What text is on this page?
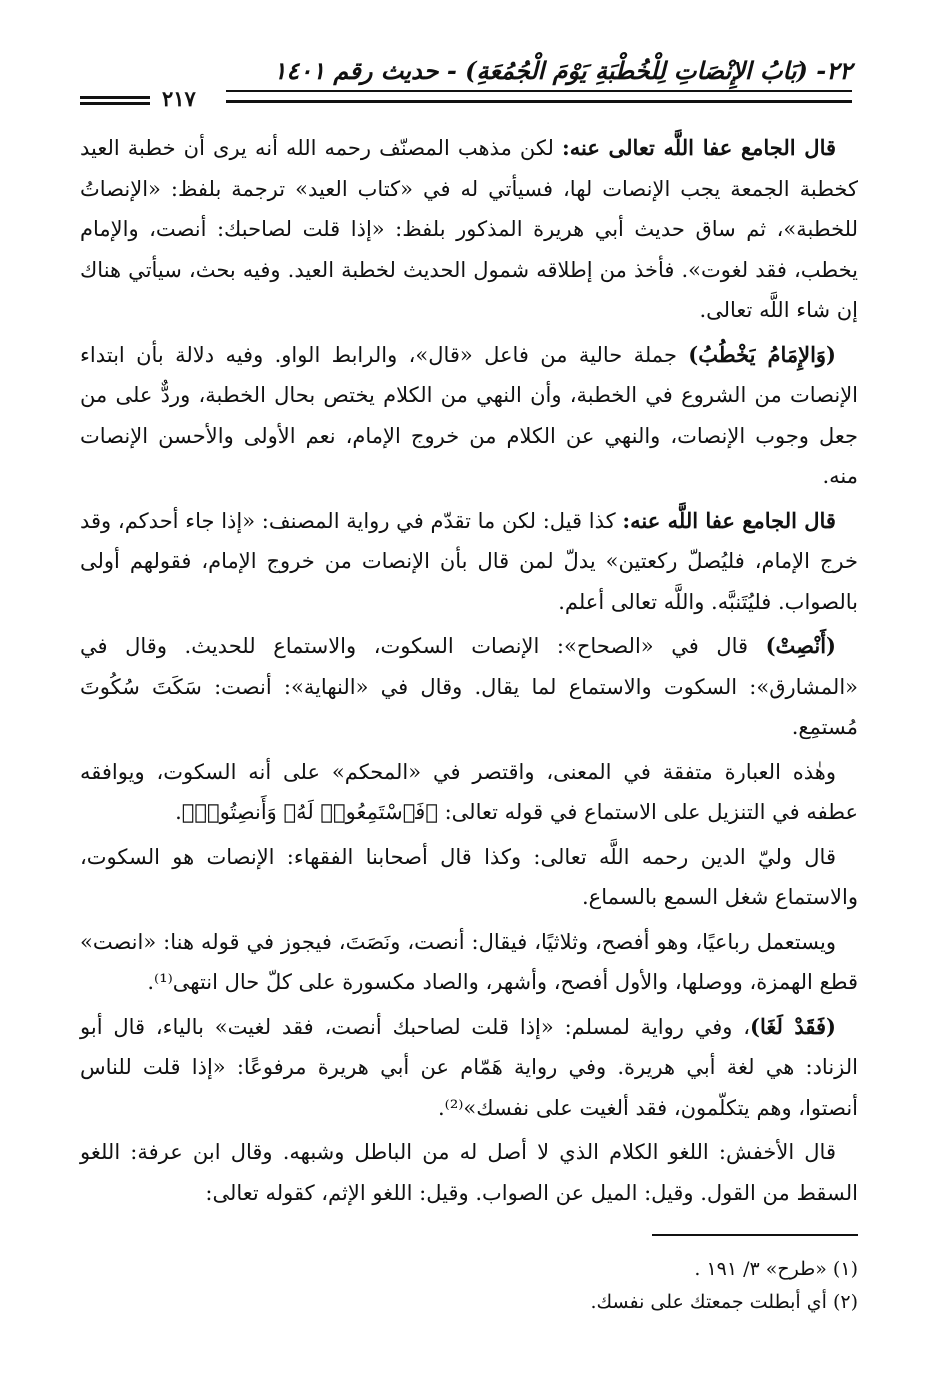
٢٢- (بَابُ الإِنْصَاتِ لِلْخُطْبَةِ يَوْمَ الْجُمُعَةِ) - حديث رقم ١٤٠١
٢١٧

قال الجامع عفا اللَّه تعالى عنه: لكن مذهب المصنّف رحمه الله أنه يرى أن خطبة العيد كخطبة الجمعة يجب الإنصات لها، فسيأتي له في «كتاب العيد» ترجمة بلفظ: «الإنصاتُ للخطبة»، ثم ساق حديث أبي هريرة المذكور بلفظ: «إذا قلت لصاحبك: أنصت، والإمام يخطب، فقد لغوت». فأخذ من إطلاقه شمول الحديث لخطبة العيد. وفيه بحث، سيأتي هناك إن شاء اللَّه تعالى.

(وَالإِمَامُ يَخْطُبُ) جملة حالية من فاعل «قال»، والرابط الواو. وفيه دلالة بأن ابتداء الإنصات من الشروع في الخطبة، وأن النهي من الكلام يختص بحال الخطبة، وردٌّ على من جعل وجوب الإنصات، والنهي عن الكلام من خروج الإمام، نعم الأولى والأحسن الإنصات منه.

قال الجامع عفا اللَّه عنه: كذا قيل: لكن ما تقدّم في رواية المصنف: «إذا جاء أحدكم، وقد خرج الإمام، فليُصلّ ركعتين» يدلّ لمن قال بأن الإنصات من خروج الإمام، فقولهم أولى بالصواب. فليُتَنبَّه. واللَّه تعالى أعلم.

(أَنْصِتْ) قال في «الصحاح»: الإنصات السكوت، والاستماع للحديث. وقال في «المشارق»: السكوت والاستماع لما يقال. وقال في «النهاية»: أنصت: سَكَتَ سُكُوتَ مُستمِع.

وهٰذه العبارة متفقة في المعنى، واقتصر في «المحكم» على أنه السكوت، ويوافقه عطفه في التنزيل على الاستماع في قوله تعالى: ﴿فَٱسْتَمِعُوا۟ لَهُۥ وَأَنصِتُوا۟﴾.

قال وليّ الدين رحمه اللَّه تعالى: وكذا قال أصحابنا الفقهاء: الإنصات هو السكوت، والاستماع شغل السمع بالسماع.

ويستعمل رباعيًا، وهو أفصح، وثلاثيًا، فيقال: أنصت، ونَصَتَ، فيجوز في قوله هنا: «انصت» قطع الهمزة، ووصلها، والأول أفصح، وأشهر، والصاد مكسورة على كلّ حال انتهى⁽¹⁾.

(فَقَدْ لَغَا)، وفي رواية لمسلم: «إذا قلت لصاحبك أنصت، فقد لغيت» بالياء، قال أبو الزناد: هي لغة أبي هريرة. وفي رواية هَمّام عن أبي هريرة مرفوعًا: «إذا قلت للناس أنصتوا، وهم يتكلّمون، فقد ألغيت على نفسك»⁽²⁾.

قال الأخفش: اللغو الكلام الذي لا أصل له من الباطل وشبهه. وقال ابن عرفة: اللغو السقط من القول. وقيل: الميل عن الصواب. وقيل: اللغو الإثم، كقوله تعالى:

(١) «طرح» ٣/ ١٩١ .

(٢) أي أبطلت جمعتك على نفسك.
